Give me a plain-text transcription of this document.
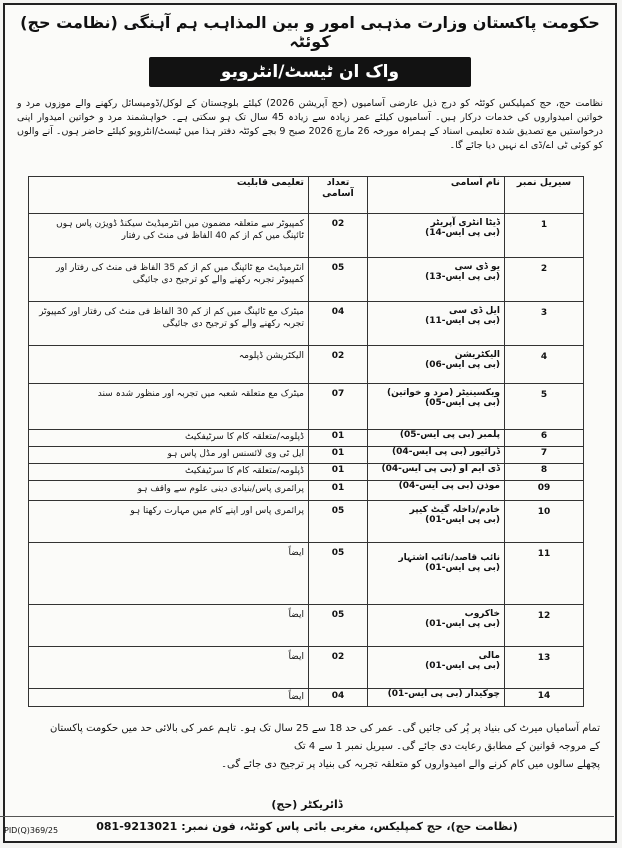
حکومت پاکستان وزارت مذہبی امور و بین المذاہب ہم آہنگی (نظامت حج) کوئٹہ
واک ان ٹیسٹ/انٹرویو
نظامت حج، حج کمپلیکس کوئٹہ کو درج ذیل عارضی آسامیوں (حج آپریشن 2026) کیلئے بلوچستان کے لوکل/ڈومیسائل رکھنے والے موزوں مرد و خواتین امیدواروں کی خدمات درکار ہیں۔ آسامیوں کیلئے عمر زیادہ سے زیادہ 45 سال تک ہو سکتی ہے۔ خواہشمند مرد و خواتین امیدوار اپنی درخواستیں مع تصدیق شدہ تعلیمی اسناد کے ہمراہ مورخہ 26 مارچ 2026 صبح 9 بجے کوئٹہ دفتر ہذا میں ٹیسٹ/انٹرویو کیلئے حاضر ہوں۔ آنے والوں کو کوئی ٹی اے/ڈی اے نہیں دیا جائے گا۔
سیریل نمبر	نام آسامی	تعداد آسامی	تعلیمی قابلیت

1	ڈیٹا انٹری آپریٹر
(بی پی ایس-14)	02	کمپیوٹر سے متعلقہ مضمون میں انٹرمیڈیٹ سیکنڈ ڈویژن پاس ہوں ٹائپنگ میں کم از کم 40 الفاظ فی منٹ کی رفتار

2	یو ڈی سی
(بی پی ایس-13)	05	انٹرمیڈیٹ مع ٹائپنگ میں کم از کم 35 الفاظ فی منٹ کی رفتار اور کمپیوٹر تجربہ رکھنے والے کو ترجیح دی جائیگی

3	ایل ڈی سی
(بی پی ایس-11)	04	میٹرک مع ٹائپنگ میں کم از کم 30 الفاظ فی منٹ کی رفتار اور کمپیوٹر تجربہ رکھنے والے کو ترجیح دی جائیگی

4	الیکٹریشن
(بی پی ایس-06)	02	الیکٹریشن ڈپلومہ

5	ویکسینیٹر (مرد و خواتین)
(بی پی ایس-05)	07	میٹرک مع متعلقہ شعبہ میں تجربہ اور منظور شدہ سند

6	پلمبر (بی پی ایس-05)	01	ڈپلومہ/متعلقہ کام کا سرٹیفکیٹ

7	ڈرائیور (بی پی ایس-04)	01	ایل ٹی وی لائسنس اور مڈل پاس ہو

8	ڈی ایم او (بی پی ایس-04)	01	ڈپلومہ/متعلقہ کام کا سرٹیفکیٹ

09	موذن (بی پی ایس-04)	01	پرائمری پاس/بنیادی دینی علوم سے واقف ہو

10	خادم/داخلہ گیٹ کیپر
(بی پی ایس-01)	05	پرائمری پاس اور اپنے کام میں مہارت رکھتا ہو

11	نائب قاصد/نائب اشتہار
(بی پی ایس-01)	05	ایضاً

12	خاکروب
(بی پی ایس-01)	05	ایضاً

13	مالی
(بی پی ایس-01)	02	ایضاً

14	چوکیدار (بی پی ایس-01)	04	ایضاً
تمام آسامیاں میرٹ کی بنیاد پر پُر کی جائیں گی۔ عمر کی حد 18 سے 25 سال تک ہو۔ تاہم عمر کی بالائی حد میں حکومت پاکستان
کے مروجہ قوانین کے مطابق رعایت دی جائے گی۔ سیریل نمبر 1 سے 4 تک
پچھلے سالوں میں کام کرنے والے امیدواروں کو متعلقہ تجربہ کی بنیاد پر ترجیح دی جائے گی۔
ڈائریکٹر (حج)
(نظامت حج)، حج کمپلیکس، مغربی بائی پاس کوئٹہ، فون نمبر: 081-9213021
PID(Q)369/25
